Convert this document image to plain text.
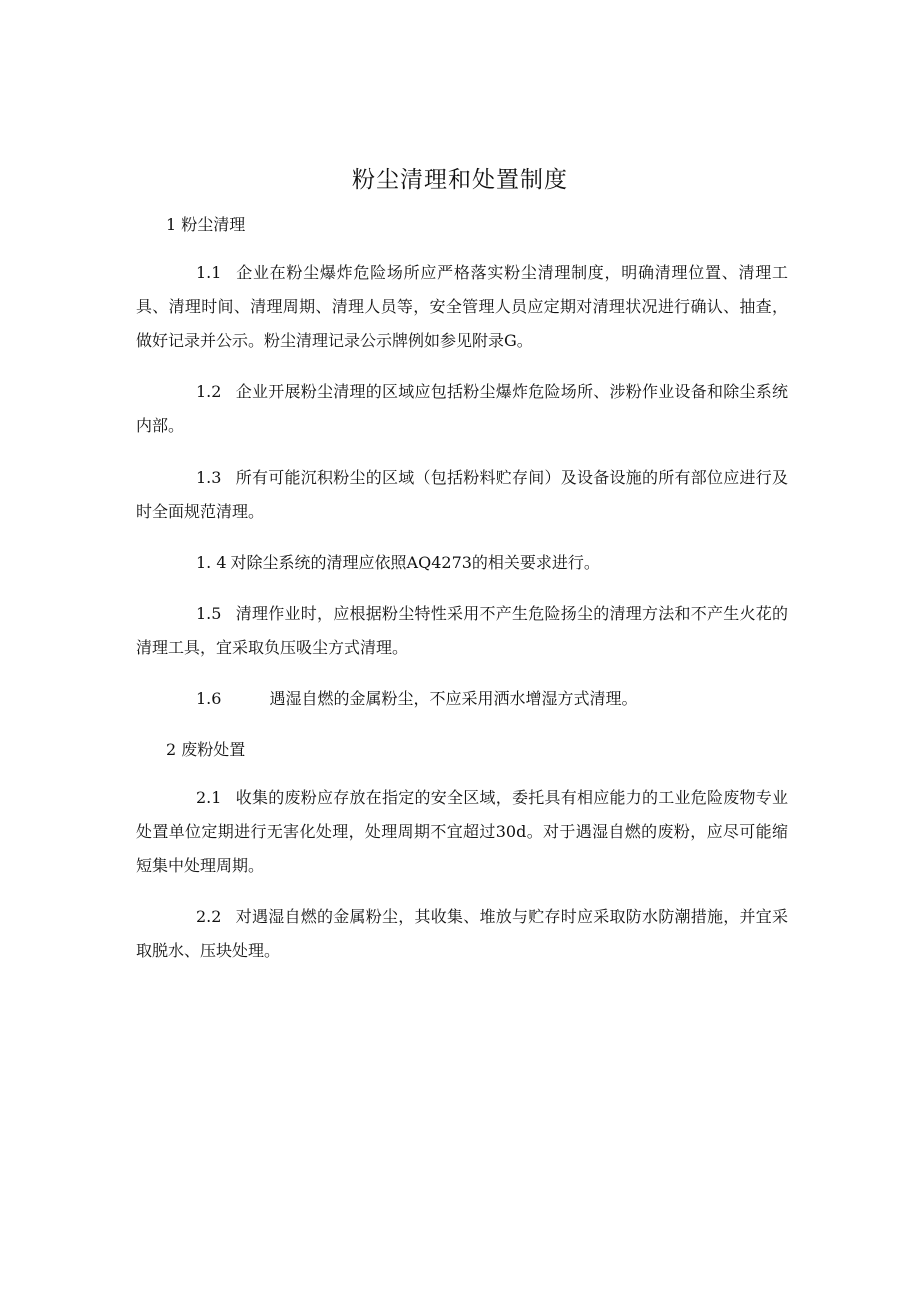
粉尘清理和处置制度
1 粉尘清理

1.1 企业在粉尘爆炸危险场所应严格落实粉尘清理制度，明确清理位置、清理工具、清理时间、清理周期、清理人员等，安全管理人员应定期对清理状况进行确认、抽查，做好记录并公示。粉尘清理记录公示牌例如参见附录G。

1.2 企业开展粉尘清理的区域应包括粉尘爆炸危险场所、涉粉作业设备和除尘系统内部。

1.3 所有可能沉积粉尘的区域（包括粉料贮存间）及设备设施的所有部位应进行及时全面规范清理。

1. 4 对除尘系统的清理应依照AQ4273的相关要求进行。

1.5 清理作业时，应根据粉尘特性采用不产生危险扬尘的清理方法和不产生火花的清理工具，宜采取负压吸尘方式清理。

1.6	遇湿自燃的金属粉尘，不应采用洒水增湿方式清理。

2 废粉处置

2.1 收集的废粉应存放在指定的安全区域，委托具有相应能力的工业危险废物专业处置单位定期进行无害化处理，处理周期不宜超过30d。对于遇湿自燃的废粉，应尽可能缩短集中处理周期。

2.2 对遇湿自燃的金属粉尘，其收集、堆放与贮存时应采取防水防潮措施，并宜采取脱水、压块处理。
